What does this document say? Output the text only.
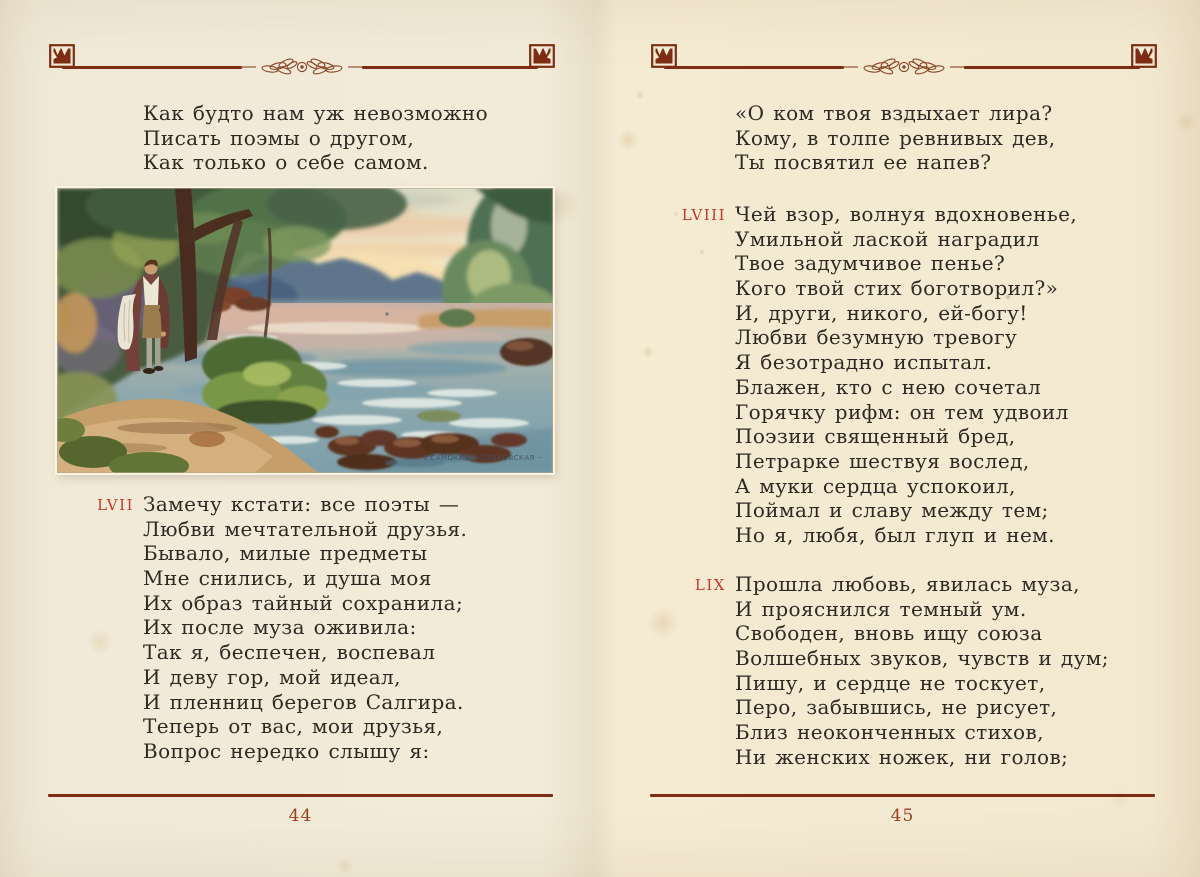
Как будто нам уж невозможно
Писать поэмы о другом,
Как только о себе самом.
Е.САМОКИШЪ-СУДКОВСКАЯ ·-
LVII Замечу кстати: все поэты —
Любви мечтательной друзья.
Бывало, милые предметы
Мне снились, и душа моя
Их образ тайный сохранила;
Их после муза оживила:
Так я, беспечен, воспевал
И деву гор, мой идеал,
И пленниц берегов Салгира.
Теперь от вас, мои друзья,
Вопрос нередко слышу я:
44
«О ком твоя вздыхает лира?
Кому, в толпе ревнивых дев,
Ты посвятил ее напев?
LVIII Чей взор, волнуя вдохновенье,
Умильной лаской наградил
Твое задумчивое пенье?
Кого твой стих боготворил?»
И, други, никого, ей-богу!
Любви безумную тревогу
Я безотрадно испытал.
Блажен, кто с нею сочетал
Горячку рифм: он тем удвоил
Поэзии священный бред,
Петрарке шествуя вослед,
А муки сердца успокоил,
Поймал и славу между тем;
Но я, любя, был глуп и нем.
LIX Прошла любовь, явилась муза,
И прояснился темный ум.
Свободен, вновь ищу союза
Волшебных звуков, чувств и дум;
Пишу, и сердце не тоскует,
Перо, забывшись, не рисует,
Близ неоконченных стихов,
Ни женских ножек, ни голов;
45
